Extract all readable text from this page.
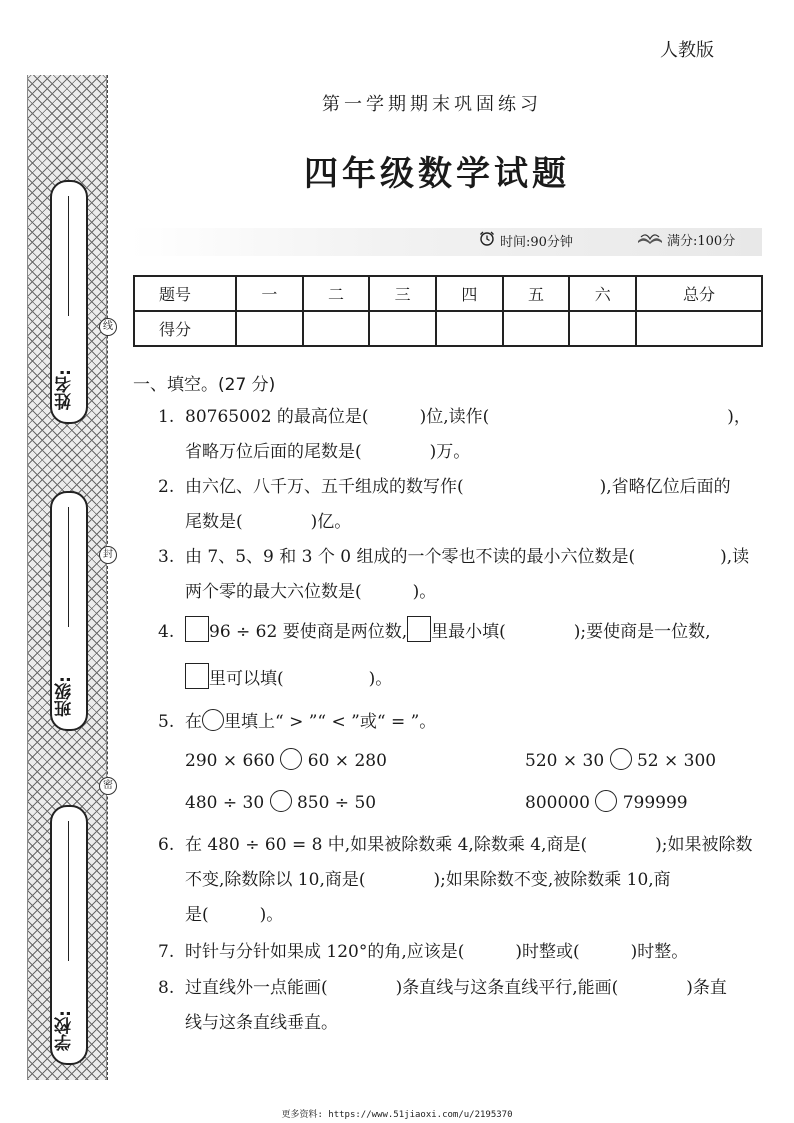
姓名:
班级:
学校:
线
封
密
人教版
第一学期期末巩固练习
四年级数学试题
时间:90分钟	满分:100分
题号	一	二	三	四	五	六	总分
得分							
一、填空。(27 分)
1. 80765002 的最高位是(　　　)位,读作(　　　　　　　　　　　　　　)，
省略万位后面的尾数是(　　　　)万。
2. 由六亿、八千万、五千组成的数写作(　　　　　　　　),省略亿位后面的
尾数是(　　　　)亿。
3. 由 7、5、9 和 3 个 0 组成的一个零也不读的最小六位数是(　　　　　),读
两个零的最大六位数是(　　　)。
4. 96 ÷ 62 要使商是两位数, 里最小填(　　　　);要使商是一位数,
里可以填(　　　　　)。
5. 在 里填上“ > ”“ < ”或“ = ”。
290 × 660 60 × 280	520 × 30 52 × 300
480 ÷ 30 850 ÷ 50	800000 799999
6. 在 480 ÷ 60 = 8 中,如果被除数乘 4,除数乘 4,商是(　　　　);如果被除数
不变,除数除以 10,商是(　　　　);如果除数不变,被除数乘 10,商
是(　　　)。
7. 时针与分针如果成 120°的角,应该是(　　　)时整或(　　　)时整。
8. 过直线外一点能画(　　　　)条直线与这条直线平行,能画(　　　　)条直
线与这条直线垂直。
更多资料: https://www.51jiaoxi.com/u/2195370
